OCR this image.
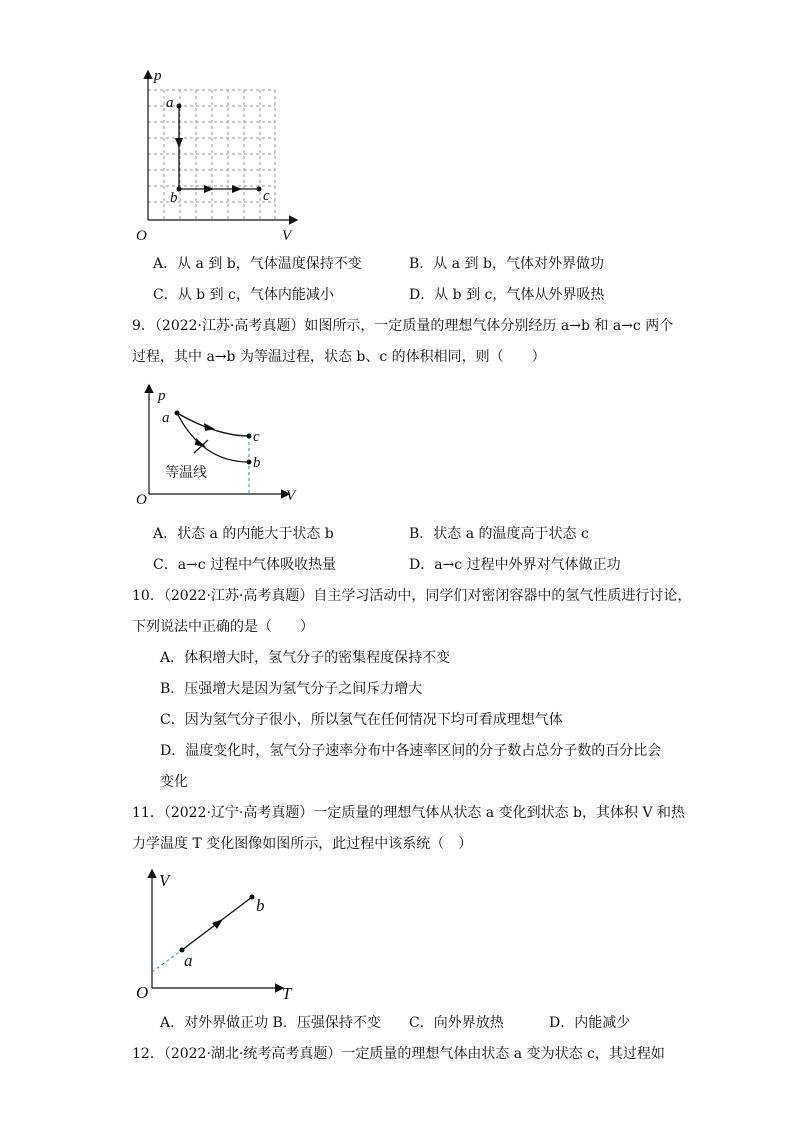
p
V
O
a
b	c
A．从 a 到 b，气体温度保持不变	B．从 a 到 b，气体对外界做功
C．从 b 到 c，气体内能减小	D．从 b 到 c，气体从外界吸热
9．（2022·江苏·高考真题）如图所示，一定质量的理想气体分别经历 a→b 和 a→c 两个
过程，其中 a→b 为等温过程，状态 b、c 的体积相同，则（　　）
p
V
O
a
c
b
等温线
A．状态 a 的内能大于状态 b	B．状态 a 的温度高于状态 c
C．a→c 过程中气体吸收热量	D．a→c 过程中外界对气体做正功
10．（2022·江苏·高考真题）自主学习活动中，同学们对密闭容器中的氢气性质进行讨论，
下列说法中正确的是（　　）
A．体积增大时，氢气分子的密集程度保持不变
B．压强增大是因为氢气分子之间斥力增大
C．因为氢气分子很小，所以氢气在任何情况下均可看成理想气体
D．温度变化时，氢气分子速率分布中各速率区间的分子数占总分子数的百分比会
变化
11．（2022·辽宁·高考真题）一定质量的理想气体从状态 a 变化到状态 b，其体积 V 和热
力学温度 T 变化图像如图所示，此过程中该系统（　）
V
T
O
a
b
A．对外界做正功 B．压强保持不变 C．向外界放热	D．内能减少
12．（2022·湖北·统考高考真题）一定质量的理想气体由状态 a 变为状态 c，其过程如
